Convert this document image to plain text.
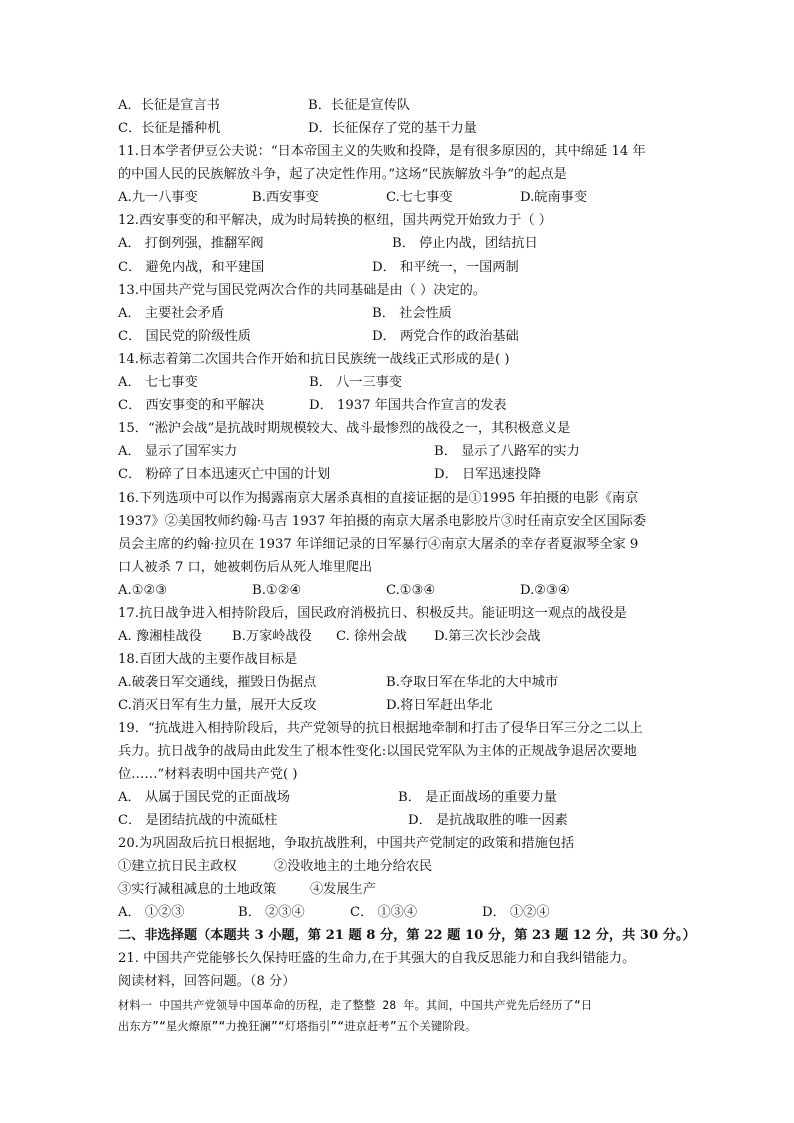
A．长征是宣言书	B．长征是宣传队
C．长征是播种机	D．长征保存了党的基干力量
11.日本学者伊豆公夫说：“日本帝国主义的失败和投降，是有很多原因的，其中绵延 14 年
的中国人民的民族解放斗争，起了决定性作用。”这场“民族解放斗争”的起点是
A.九一八事变	B.西安事变	C.七七事变	D.皖南事变
12.西安事变的和平解决，成为时局转换的枢纽，国共两党开始致力于（ ）
A． 打倒列强，推翻军阀	B． 停止内战，团结抗日
C． 避免内战，和平建国	D． 和平统一，一国两制
13.中国共产党与国民党两次合作的共同基础是由（ ）决定的。
A． 主要社会矛盾	B． 社会性质
C． 国民党的阶级性质	D． 两党合作的政治基础
14.标志着第二次国共合作开始和抗日民族统一战线正式形成的是( )
A． 七七事变	B． 八一三事变
C． 西安事变的和平解决	D． 1937 年国共合作宣言的发表
15．“淞沪会战”是抗战时期规模较大、战斗最惨烈的战役之一，其积极意义是
A． 显示了国军实力	B． 显示了八路军的实力
C． 粉碎了日本迅速灭亡中国的计划	D． 日军迅速投降
16.下列选项中可以作为揭露南京大屠杀真相的直接证据的是①1995 年拍摄的电影《南京
1937》②美国牧师约翰·马吉 1937 年拍摄的南京大屠杀电影胶片③时任南京安全区国际委
员会主席的约翰·拉贝在 1937 年详细记录的日军暴行④南京大屠杀的幸存者夏淑琴全家 9
口人被杀 7 口，她被刺伤后从死人堆里爬出
A.①②③	B.①②④	C.①③④	D.②③④
17.抗日战争进入相持阶段后，国民政府消极抗日、积极反共。能证明这一观点的战役是
A. 豫湘桂战役 B.万家岭战役 C. 徐州会战 D.第三次长沙会战
18.百团大战的主要作战目标是
A.破袭日军交通线，摧毁日伪据点	B.夺取日军在华北的大中城市
C.消灭日军有生力量，展开大反攻	D.将日军赶出华北
19．“抗战进入相持阶段后，共产党领导的抗日根据地牵制和打击了侵华日军三分之二以上
兵力。抗日战争的战局由此发生了根本性变化:以国民党军队为主体的正规战争退居次要地
位……”材料表明中国共产党( )
A． 从属于国民党的正面战场	B． 是正面战场的重要力量
C． 是团结抗战的中流砥柱	D． 是抗战取胜的唯一因素
20.为巩固敌后抗日根据地，争取抗战胜利，中国共产党制定的政策和措施包括
①建立抗日民主政权	②没收地主的土地分给农民
③实行减租减息的土地政策	④发展生产
A． ①②③	B． ②③④	C． ①③④	D． ①②④
二、非选择题（本题共 3 小题，第 21 题 8 分，第 22 题 10 分，第 23 题 12 分，共 30 分。）
21. 中国共产党能够长久保持旺盛的生命力,在于其强大的自我反思能力和自我纠错能力。
阅读材料，回答问题。（8 分）
材料一 中国共产党领导中国革命的历程，走了整整 28 年。其间，中国共产党先后经历了“日
出东方”“星火燎原”“力挽狂澜”“灯塔指引”“进京赶考”五个关键阶段。
